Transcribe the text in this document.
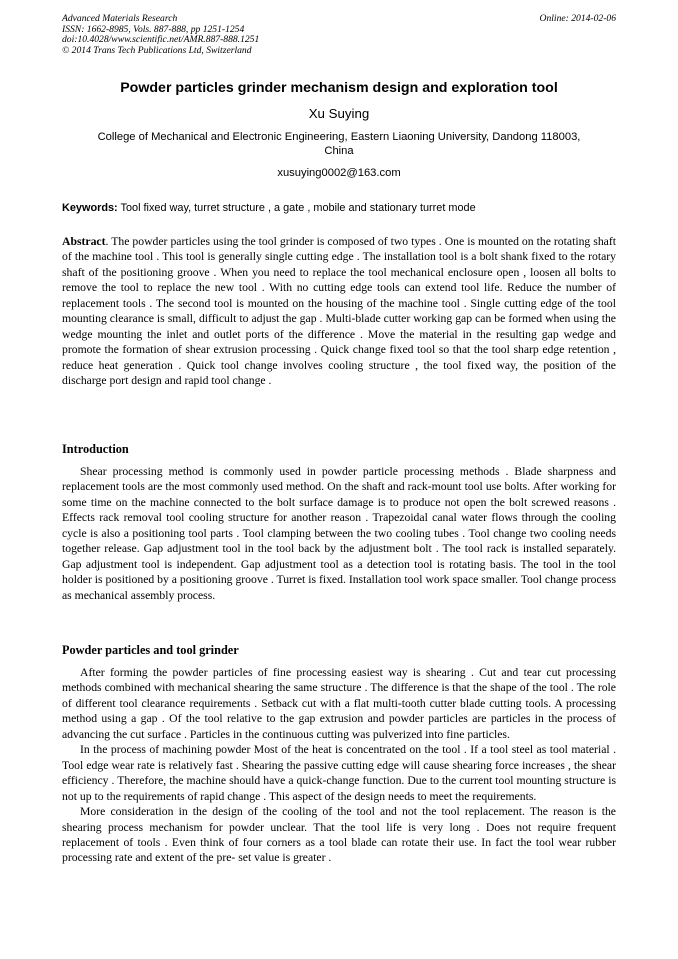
Advanced Materials Research
ISSN: 1662-8985, Vols. 887-888, pp 1251-1254
doi:10.4028/www.scientific.net/AMR.887-888.1251
© 2014 Trans Tech Publications Ltd, Switzerland
Online: 2014-02-06
Powder particles grinder mechanism design and exploration tool
Xu Suying
College of Mechanical and Electronic Engineering, Eastern Liaoning University, Dandong 118003,
China
xusuying0002@163.com
Keywords: Tool fixed way, turret structure , a gate , mobile and stationary turret mode

Abstract. The powder particles using the tool grinder is composed of two types . One is mounted on the rotating shaft of the machine tool . This tool is generally single cutting edge . The installation tool is a bolt shank fixed to the rotary shaft of the positioning groove . When you need to replace the tool mechanical enclosure open , loosen all bolts to remove the tool to replace the new tool . With no cutting edge tools can extend tool life. Reduce the number of replacement tools . The second tool is mounted on the housing of the machine tool . Single cutting edge of the tool mounting clearance is small, difficult to adjust the gap . Multi-blade cutter working gap can be formed when using the wedge mounting the inlet and outlet ports of the difference . Move the material in the resulting gap wedge and promote the formation of shear extrusion processing . Quick change fixed tool so that the tool sharp edge retention , reduce heat generation . Quick tool change involves cooling structure , the tool fixed way, the position of the discharge port design and rapid tool change .

Introduction

Shear processing method is commonly used in powder particle processing methods . Blade sharpness and replacement tools are the most commonly used method. On the shaft and rack-mount tool use bolts. After working for some time on the machine connected to the bolt surface damage is to produce not open the bolt screwed reasons . Effects rack removal tool cooling structure for another reason . Trapezoidal canal water flows through the cooling cycle is also a positioning tool parts . Tool clamping between the two cooling tubes . Tool change two cooling needs together release. Gap adjustment tool in the tool back by the adjustment bolt . The tool rack is installed separately. Gap adjustment tool is independent. Gap adjustment tool as a detection tool is rotating basis. The tool in the tool holder is positioned by a positioning groove . Turret is fixed. Installation tool work space smaller. Tool change process as mechanical assembly process.

Powder particles and tool grinder

After forming the powder particles of fine processing easiest way is shearing . Cut and tear cut processing methods combined with mechanical shearing the same structure . The difference is that the shape of the tool . The role of different tool clearance requirements . Setback cut with a flat multi-tooth cutter blade cutting tools. A processing method using a gap . Of the tool relative to the gap extrusion and powder particles are particles in the process of advancing the cut surface . Particles in the continuous cutting was pulverized into fine particles.

In the process of machining powder Most of the heat is concentrated on the tool . If a tool steel as tool material . Tool edge wear rate is relatively fast . Shearing the passive cutting edge will cause shearing force increases , the shear efficiency . Therefore, the machine should have a quick-change function. Due to the current tool mounting structure is not up to the requirements of rapid change . This aspect of the design needs to meet the requirements.

More consideration in the design of the cooling of the tool and not the tool replacement. The reason is the shearing process mechanism for powder unclear. That the tool life is very long . Does not require frequent replacement of tools . Even think of four corners as a tool blade can rotate their use. In fact the tool wear rubber processing rate and extent of the pre- set value is greater .
